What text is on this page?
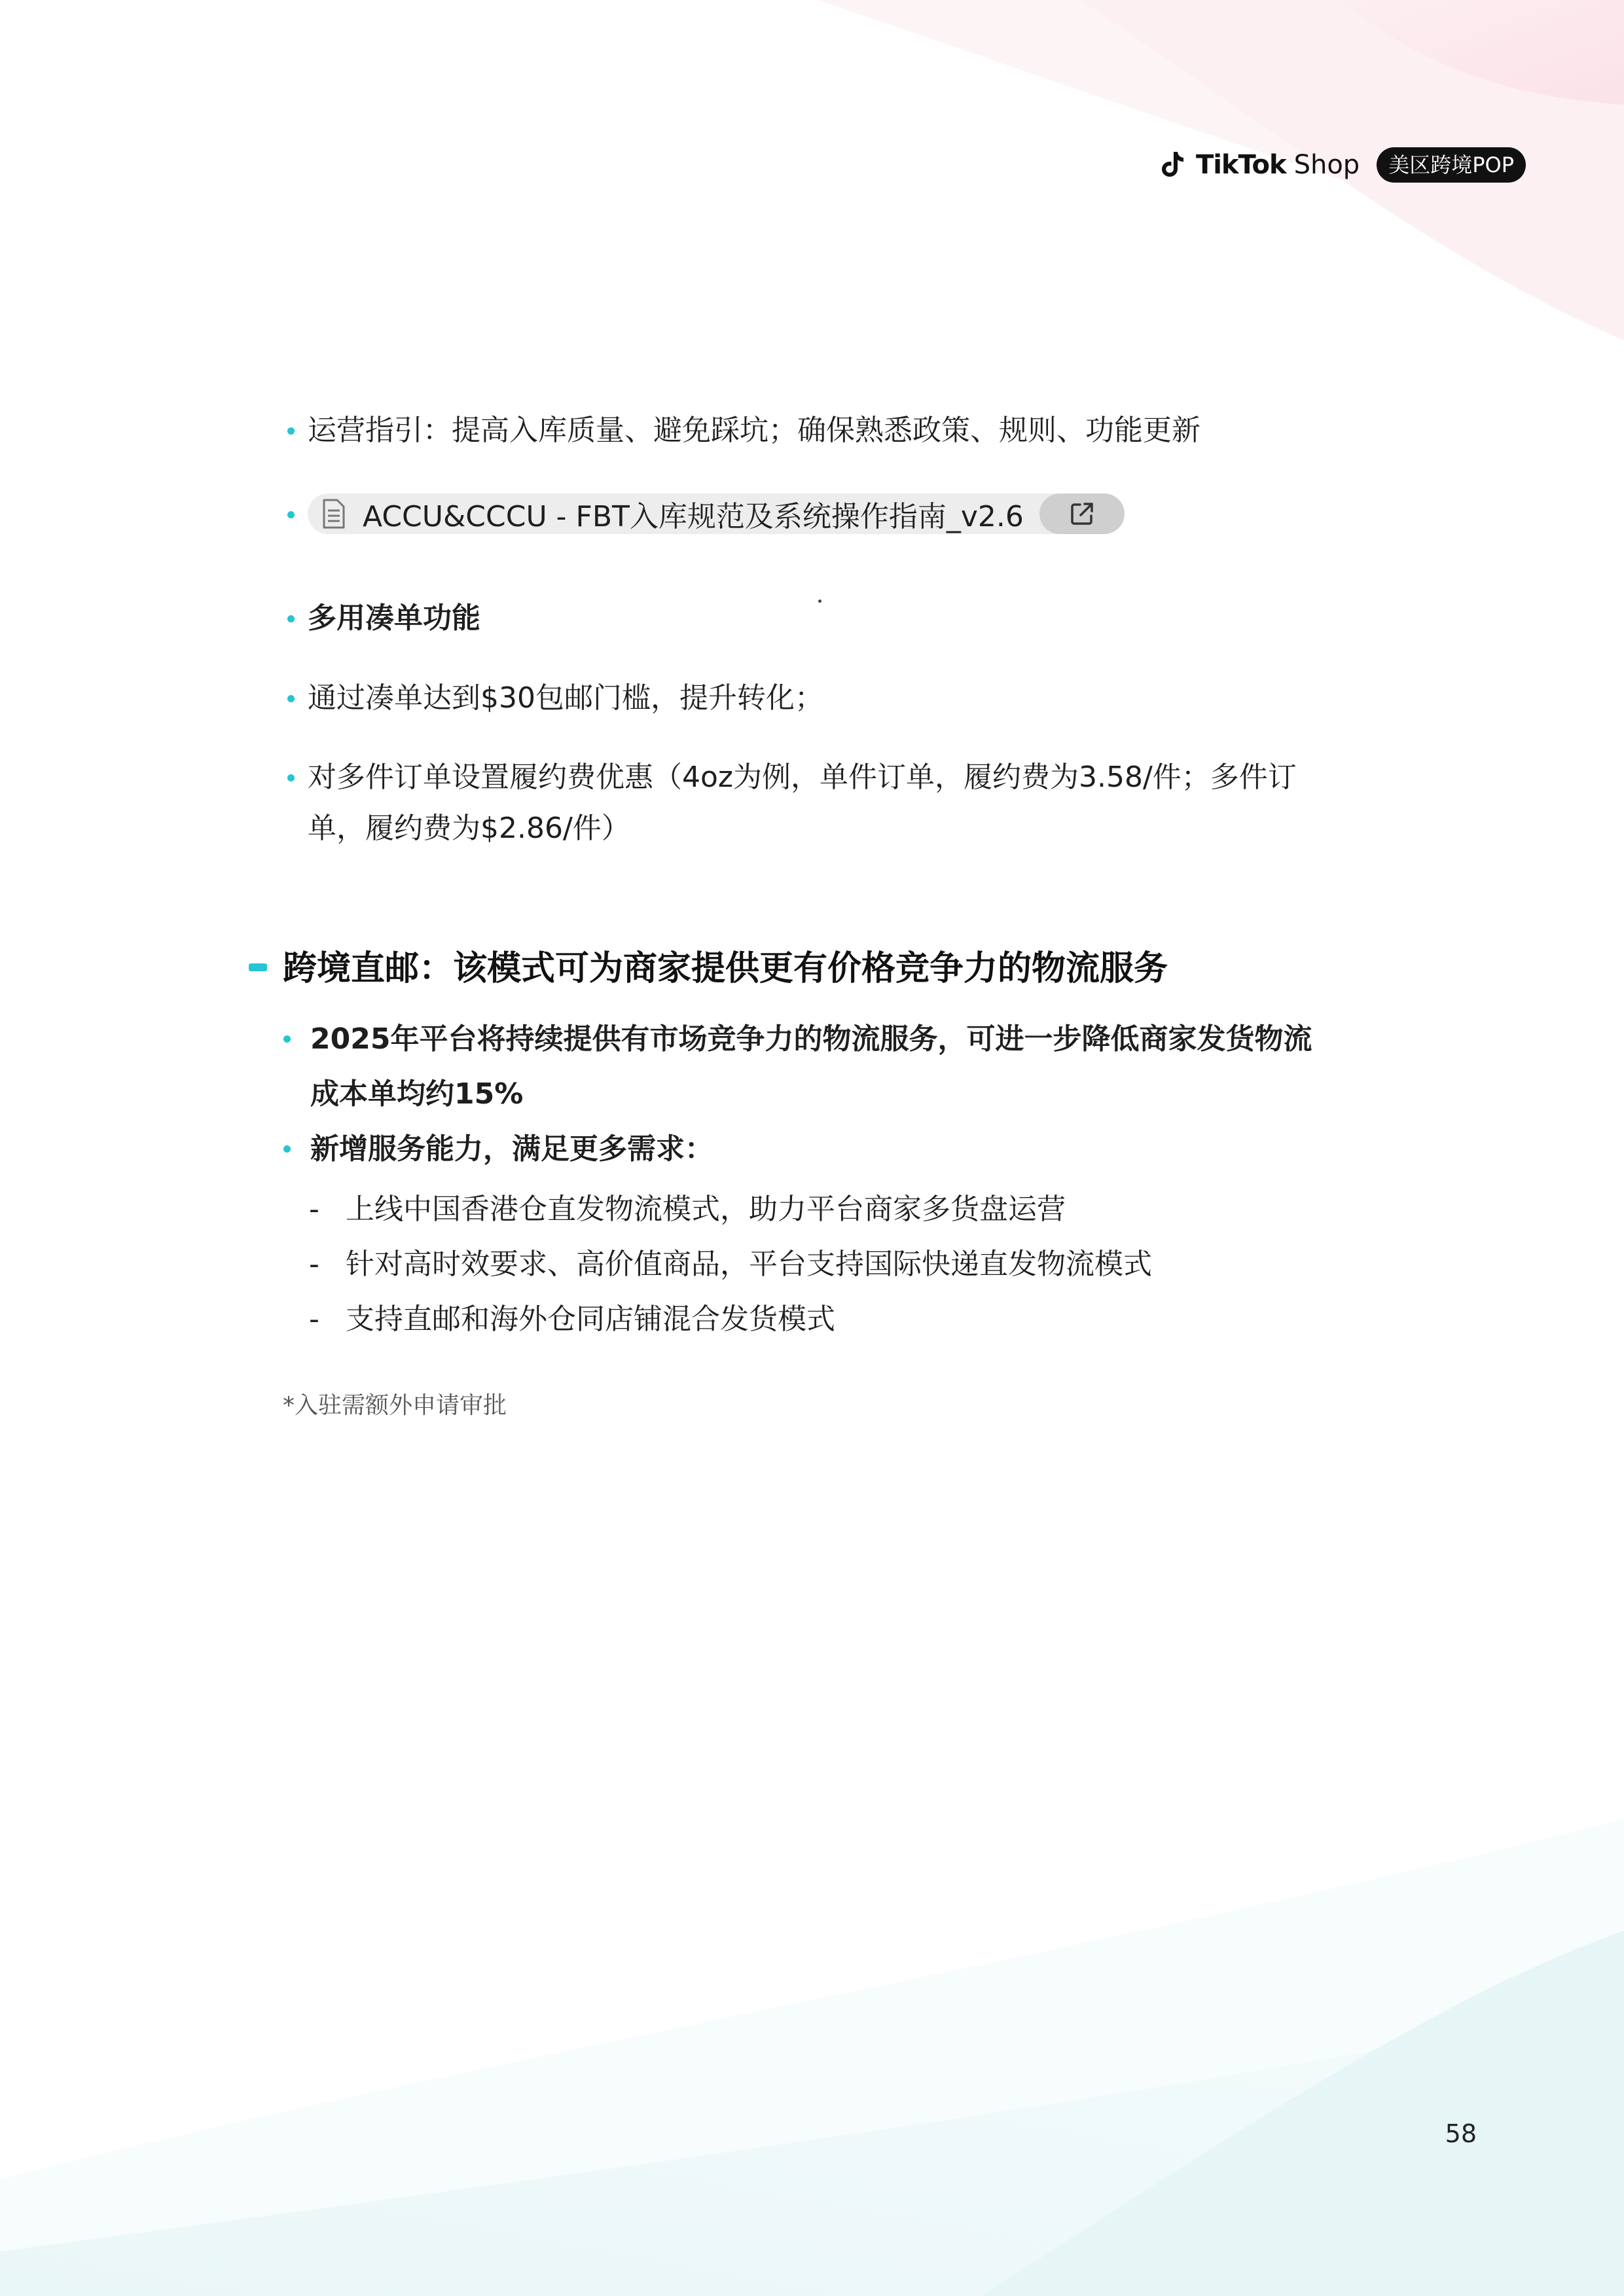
TikTok Shop	美区跨境POP
运营指引：提高入库质量、避免踩坑；确保熟悉政策、规则、功能更新
ACCU&CCCU - FBT入库规范及系统操作指南_v2.6
多用凑单功能
通过凑单达到$30包邮门槛，提升转化；
对多件订单设置履约费优惠（4oz为例，单件订单，履约费为3.58/件；多件订
单，履约费为$2.86/件）
跨境直邮：该模式可为商家提供更有价格竞争力的物流服务
2025年平台将持续提供有市场竞争力的物流服务，可进一步降低商家发货物流
成本单均约15%
新增服务能力，满足更多需求：
- 上线中国香港仓直发物流模式，助力平台商家多货盘运营
- 针对高时效要求、高价值商品，平台支持国际快递直发物流模式
- 支持直邮和海外仓同店铺混合发货模式
*入驻需额外申请审批
58
